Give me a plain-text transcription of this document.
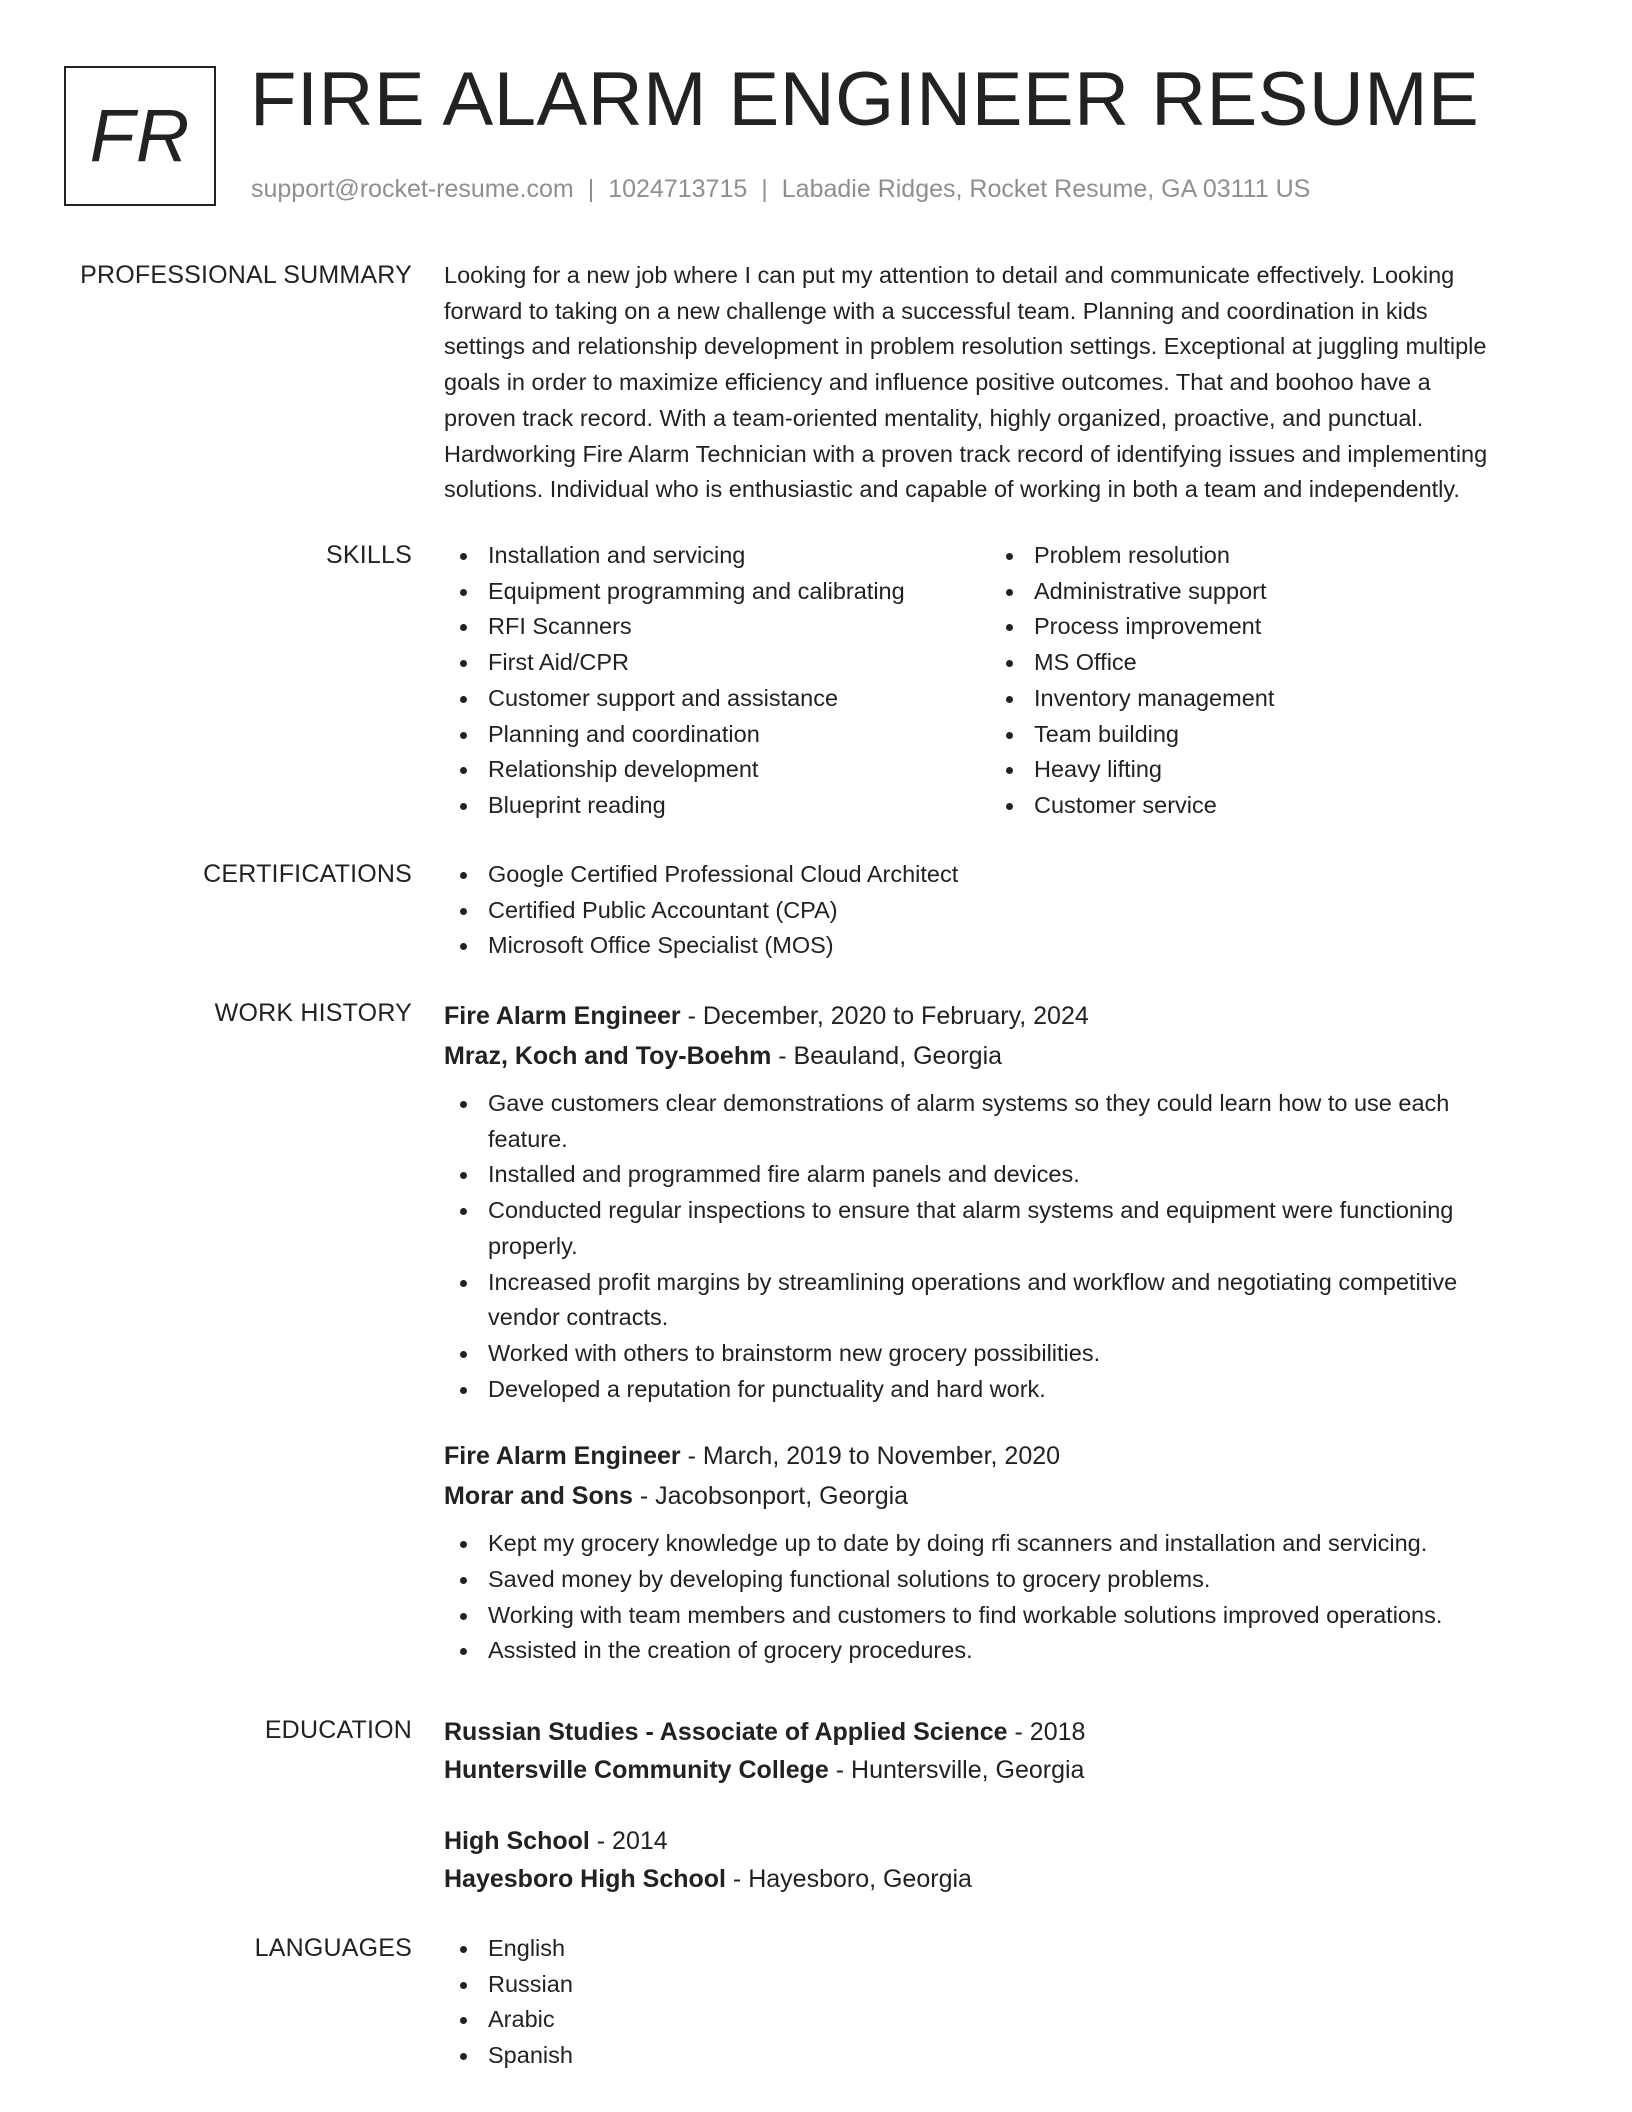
FR FIRE ALARM ENGINEER RESUME
support@rocket-resume.com | 1024713715 | Labadie Ridges, Rocket Resume, GA 03111 US
PROFESSIONAL SUMMARY Looking for a new job where I can put my attention to detail and communicate effectively. Looking
forward to taking on a new challenge with a successful team. Planning and coordination in kids
settings and relationship development in problem resolution settings. Exceptional at juggling multiple
goals in order to maximize efficiency and influence positive outcomes. That and boohoo have a
proven track record. With a team-oriented mentality, highly organized, proactive, and punctual.
Hardworking Fire Alarm Technician with a proven track record of identifying issues and implementing
solutions. Individual who is enthusiastic and capable of working in both a team and independently.
SKILLS	Installation and servicing
Equipment programming and calibrating
RFI Scanners
First Aid/CPR
Customer support and assistance
Planning and coordination
Relationship development
Blueprint reading
Problem resolution
Administrative support
Process improvement
MS Office
Inventory management
Team building
Heavy lifting
Customer service
CERTIFICATIONS	Google Certified Professional Cloud Architect
Certified Public Accountant (CPA)
Microsoft Office Specialist (MOS)
WORK HISTORY Fire Alarm Engineer - December, 2020 to February, 2024
Mraz, Koch and Toy-Boehm - Beauland, Georgia
Gave customers clear demonstrations of alarm systems so they could learn how to use each
feature.
Installed and programmed fire alarm panels and devices.
Conducted regular inspections to ensure that alarm systems and equipment were functioning
properly.
Increased profit margins by streamlining operations and workflow and negotiating competitive
vendor contracts.
Worked with others to brainstorm new grocery possibilities.
Developed a reputation for punctuality and hard work.
Fire Alarm Engineer - March, 2019 to November, 2020
Morar and Sons - Jacobsonport, Georgia
Kept my grocery knowledge up to date by doing rfi scanners and installation and servicing.
Saved money by developing functional solutions to grocery problems.
Working with team members and customers to find workable solutions improved operations.
Assisted in the creation of grocery procedures.
EDUCATION Russian Studies - Associate of Applied Science - 2018
Huntersville Community College - Huntersville, Georgia
High School - 2014
Hayesboro High School - Hayesboro, Georgia
LANGUAGES	English
Russian
Arabic
Spanish
